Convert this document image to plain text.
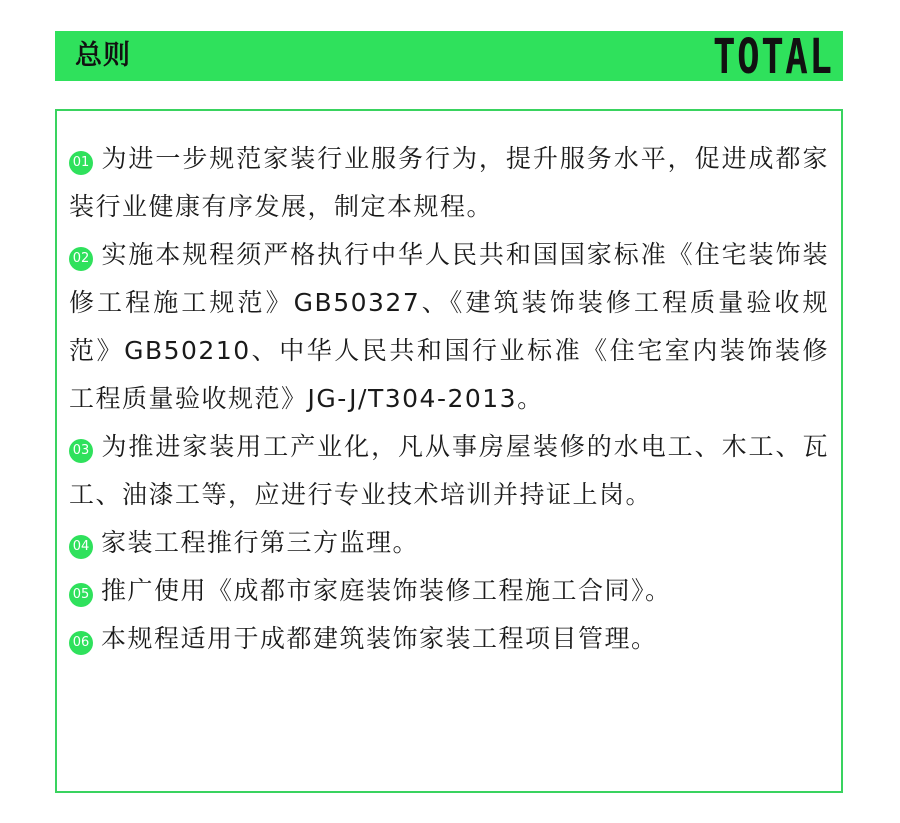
总则	TOTAL

01 为进一步规范家装行业服务行为，提升服务水平，促进成都家装行业健康有序发展，制定本规程。

02 实施本规程须严格执行中华人民共和国国家标准《住宅装饰装修工程施工规范》GB50327、《建筑装饰装修工程质量验收规范》GB50210、中华人民共和国行业标准《住宅室内装饰装修工程质量验收规范》JG-J/T304-2013。

03 为推进家装用工产业化，凡从事房屋装修的水电工、木工、瓦工、油漆工等，应进行专业技术培训并持证上岗。

04 家装工程推行第三方监理。

05 推广使用《成都市家庭装饰装修工程施工合同》。

06 本规程适用于成都建筑装饰家装工程项目管理。
